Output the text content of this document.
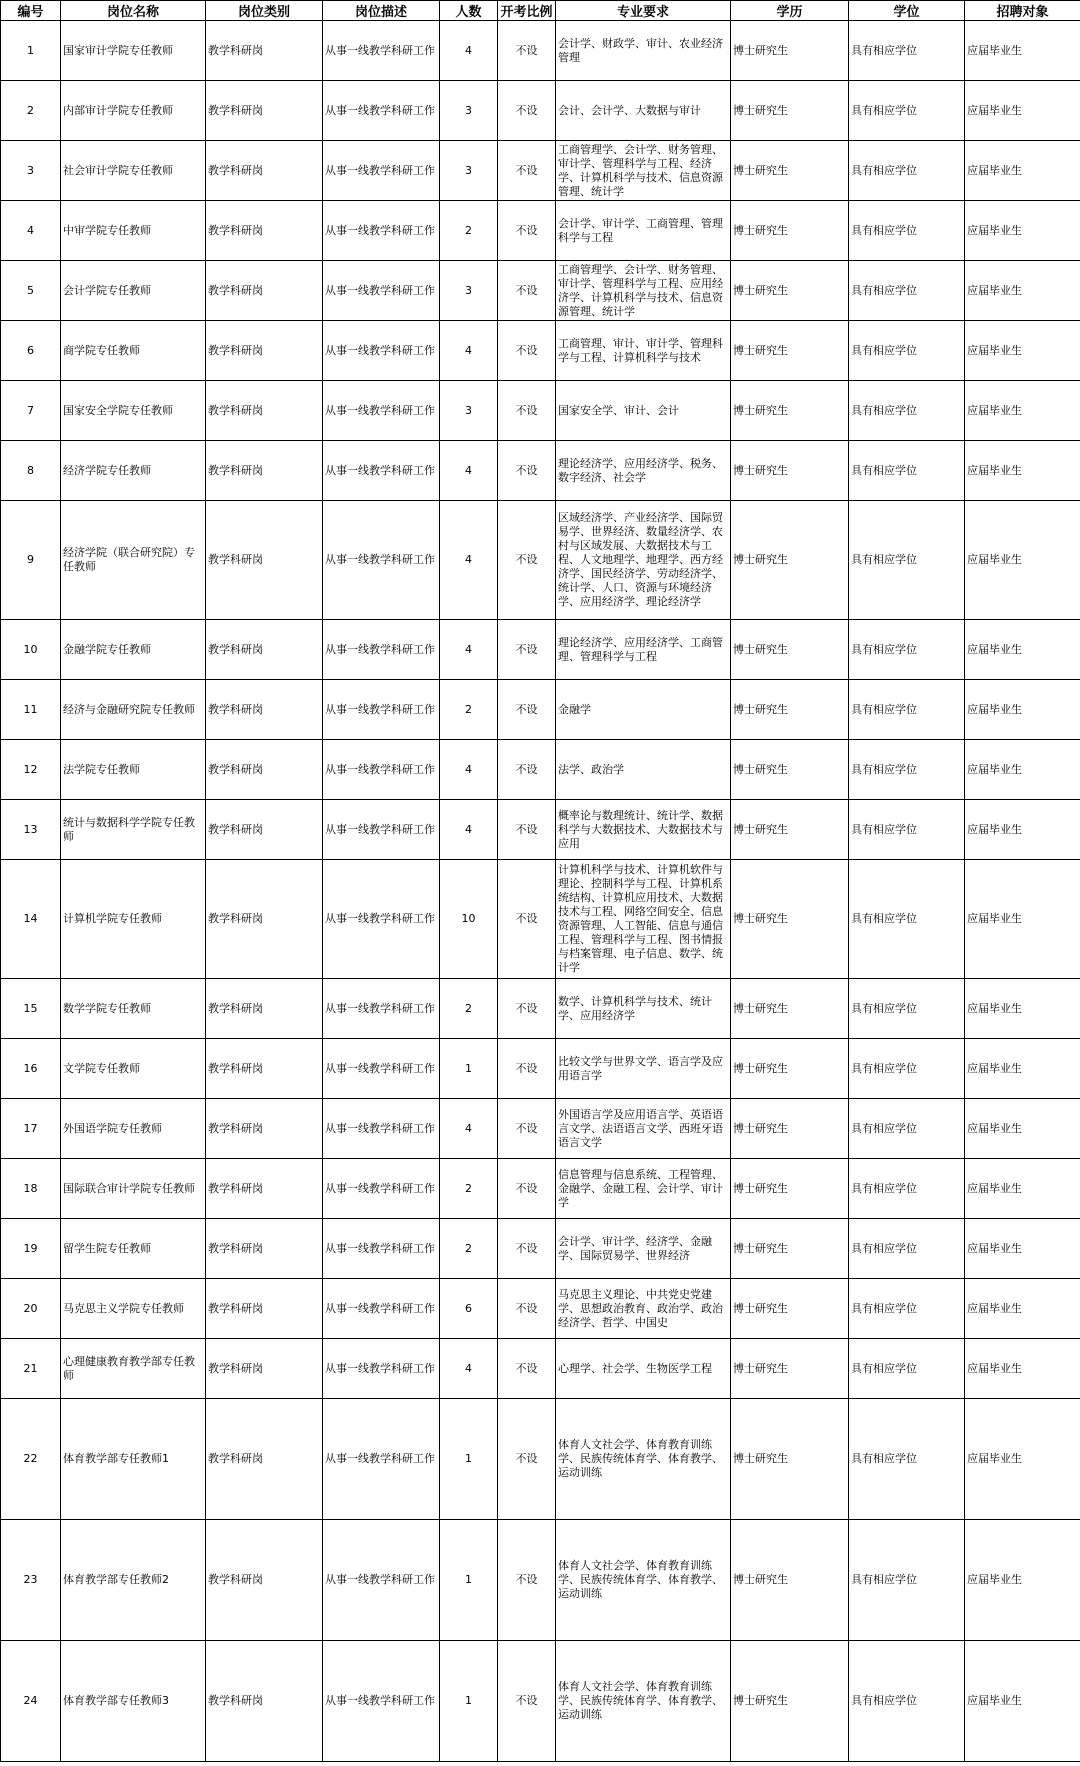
编号	岗位名称	岗位类别	岗位描述	人数	开考比例	专业要求	学历	学位	招聘对象
1	国家审计学院专任教师	教学科研岗	从事一线教学科研工作	4	不设	会计学、财政学、审计、农业经济管理	博士研究生	具有相应学位	应届毕业生
2	内部审计学院专任教师	教学科研岗	从事一线教学科研工作	3	不设	会计、会计学、大数据与审计	博士研究生	具有相应学位	应届毕业生
3	社会审计学院专任教师	教学科研岗	从事一线教学科研工作	3	不设	工商管理学、会计学、财务管理、审计学、管理科学与工程、经济学、计算机科学与技术、信息资源管理、统计学	博士研究生	具有相应学位	应届毕业生
4	中审学院专任教师	教学科研岗	从事一线教学科研工作	2	不设	会计学、审计学、工商管理、管理科学与工程	博士研究生	具有相应学位	应届毕业生
5	会计学院专任教师	教学科研岗	从事一线教学科研工作	3	不设	工商管理学、会计学、财务管理、审计学、管理科学与工程、应用经济学、计算机科学与技术、信息资源管理、统计学	博士研究生	具有相应学位	应届毕业生
6	商学院专任教师	教学科研岗	从事一线教学科研工作	4	不设	工商管理、审计、审计学、管理科学与工程、计算机科学与技术	博士研究生	具有相应学位	应届毕业生
7	国家安全学院专任教师	教学科研岗	从事一线教学科研工作	3	不设	国家安全学、审计、会计	博士研究生	具有相应学位	应届毕业生
8	经济学院专任教师	教学科研岗	从事一线教学科研工作	4	不设	理论经济学、应用经济学、税务、数字经济、社会学	博士研究生	具有相应学位	应届毕业生
9	经济学院（联合研究院）专任教师	教学科研岗	从事一线教学科研工作	4	不设	区域经济学、产业经济学、国际贸易学、世界经济、数量经济学、农村与区域发展、大数据技术与工程、人文地理学、地理学、西方经济学、国民经济学、劳动经济学、统计学、人口、资源与环境经济学、应用经济学、理论经济学	博士研究生	具有相应学位	应届毕业生
10	金融学院专任教师	教学科研岗	从事一线教学科研工作	4	不设	理论经济学、应用经济学、工商管理、管理科学与工程	博士研究生	具有相应学位	应届毕业生
11	经济与金融研究院专任教师	教学科研岗	从事一线教学科研工作	2	不设	金融学	博士研究生	具有相应学位	应届毕业生
12	法学院专任教师	教学科研岗	从事一线教学科研工作	4	不设	法学、政治学	博士研究生	具有相应学位	应届毕业生
13	统计与数据科学学院专任教师	教学科研岗	从事一线教学科研工作	4	不设	概率论与数理统计、统计学、数据科学与大数据技术、大数据技术与应用	博士研究生	具有相应学位	应届毕业生
14	计算机学院专任教师	教学科研岗	从事一线教学科研工作	10	不设	计算机科学与技术、计算机软件与理论、控制科学与工程、计算机系统结构、计算机应用技术、大数据技术与工程、网络空间安全、信息资源管理、人工智能、信息与通信工程、管理科学与工程、图书情报与档案管理、电子信息、数学、统计学	博士研究生	具有相应学位	应届毕业生
15	数学学院专任教师	教学科研岗	从事一线教学科研工作	2	不设	数学、计算机科学与技术、统计学、应用经济学	博士研究生	具有相应学位	应届毕业生
16	文学院专任教师	教学科研岗	从事一线教学科研工作	1	不设	比较文学与世界文学、语言学及应用语言学	博士研究生	具有相应学位	应届毕业生
17	外国语学院专任教师	教学科研岗	从事一线教学科研工作	4	不设	外国语言学及应用语言学、英语语言文学、法语语言文学、西班牙语语言文学	博士研究生	具有相应学位	应届毕业生
18	国际联合审计学院专任教师	教学科研岗	从事一线教学科研工作	2	不设	信息管理与信息系统、工程管理、金融学、金融工程、会计学、审计学	博士研究生	具有相应学位	应届毕业生
19	留学生院专任教师	教学科研岗	从事一线教学科研工作	2	不设	会计学、审计学、经济学、金融学、国际贸易学、世界经济	博士研究生	具有相应学位	应届毕业生
20	马克思主义学院专任教师	教学科研岗	从事一线教学科研工作	6	不设	马克思主义理论、中共党史党建学、思想政治教育、政治学、政治经济学、哲学、中国史	博士研究生	具有相应学位	应届毕业生
21	心理健康教育教学部专任教师	教学科研岗	从事一线教学科研工作	4	不设	心理学、社会学、生物医学工程	博士研究生	具有相应学位	应届毕业生
22	体育教学部专任教师1	教学科研岗	从事一线教学科研工作	1	不设	体育人文社会学、体育教育训练学、民族传统体育学、体育教学、运动训练	博士研究生	具有相应学位	应届毕业生
23	体育教学部专任教师2	教学科研岗	从事一线教学科研工作	1	不设	体育人文社会学、体育教育训练学、民族传统体育学、体育教学、运动训练	博士研究生	具有相应学位	应届毕业生
24	体育教学部专任教师3	教学科研岗	从事一线教学科研工作	1	不设	体育人文社会学、体育教育训练学、民族传统体育学、体育教学、运动训练	博士研究生	具有相应学位	应届毕业生
